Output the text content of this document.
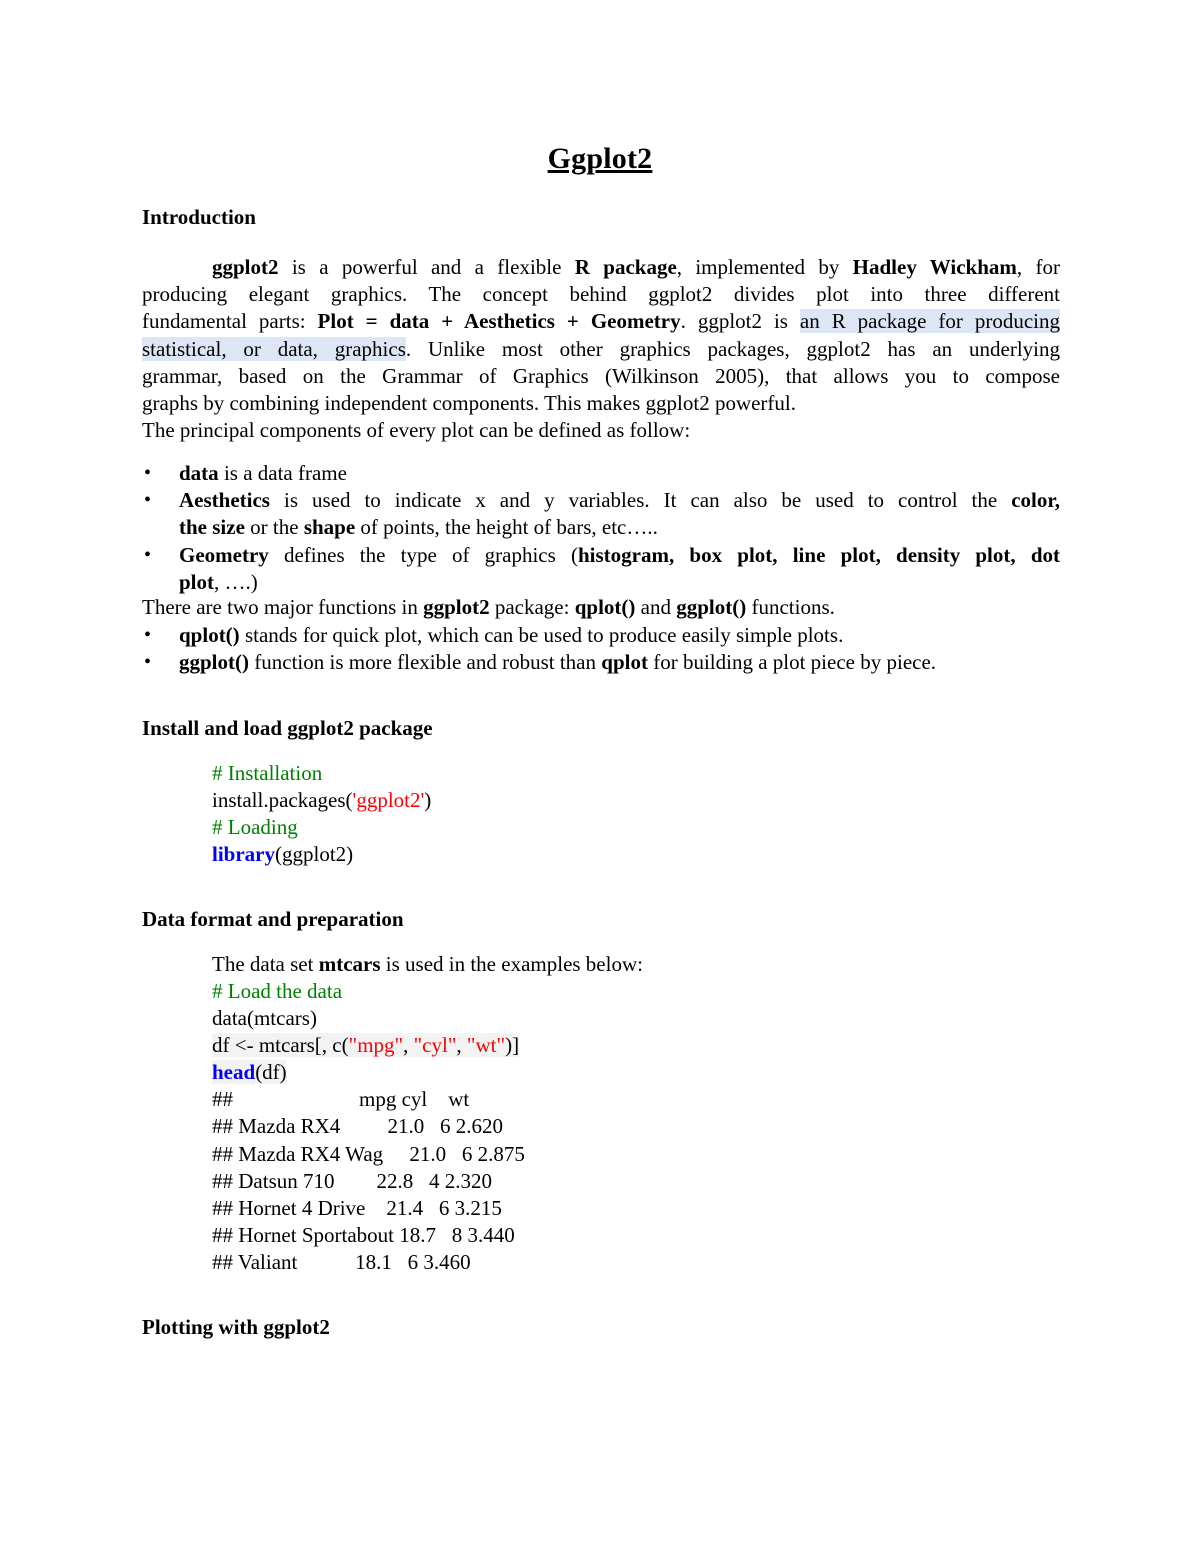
Ggplot2
Introduction
ggplot2 is a powerful and a flexible R package, implemented by Hadley Wickham, for
producing elegant graphics. The concept behind ggplot2 divides plot into three different
fundamental parts: Plot = data + Aesthetics + Geometry. ggplot2 is an R package for producing
statistical, or data, graphics. Unlike most other graphics packages, ggplot2 has an underlying
grammar, based on the Grammar of Graphics (Wilkinson 2005), that allows you to compose
graphs by combining independent components. This makes ggplot2 powerful.
The principal components of every plot can be defined as follow:
• data is a data frame
• Aesthetics is used to indicate x and y variables. It can also be used to control the color,
the size or the shape of points, the height of bars, etc…..
• Geometry defines the type of graphics (histogram, box plot, line plot, density plot, dot
plot, ….)
There are two major functions in ggplot2 package: qplot() and ggplot() functions.
• qplot() stands for quick plot, which can be used to produce easily simple plots.
• ggplot() function is more flexible and robust than qplot for building a plot piece by piece.
Install and load ggplot2 package
# Installation
install.packages('ggplot2')
# Loading
library(ggplot2)
Data format and preparation
The data set mtcars is used in the examples below:
# Load the data
data(mtcars)
df <- mtcars[, c("mpg", "cyl", "wt")]
head(df)
##                        mpg cyl    wt
## Mazda RX4         21.0   6 2.620
## Mazda RX4 Wag     21.0   6 2.875
## Datsun 710        22.8   4 2.320
## Hornet 4 Drive    21.4   6 3.215
## Hornet Sportabout 18.7   8 3.440
## Valiant           18.1   6 3.460
Plotting with ggplot2
